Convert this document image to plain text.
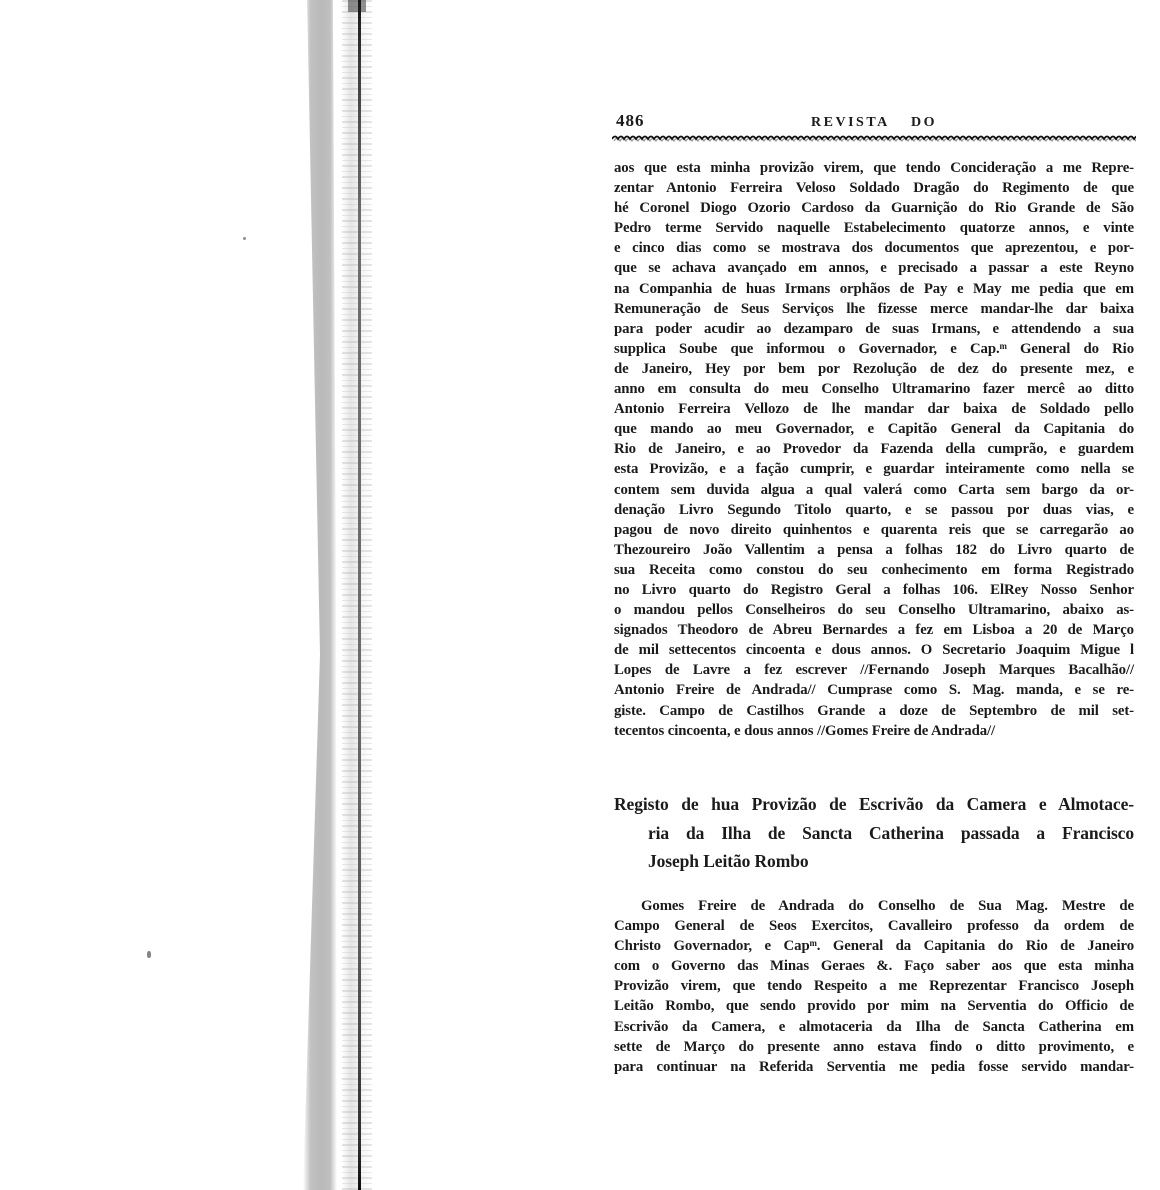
486	REVISTA DO
aos que esta minha provizão virem, que tendo Concideração a me Repre-
zentar Antonio Ferreira Veloso Soldado Dragão do Regimento de que
hé Coronel Diogo Ozorio Cardoso da Guarnição do Rio Grande de São
Pedro terme Servido naquelle Estabelecimento quatorze annos, e vinte
e cinco dias como se mostrava dos documentos que aprezentou, e por-
que se achava avançado em annos, e precisado a passar a este Reyno
na Companhia de huas Irmans orphãos de Pay e May me pedia que em
Remuneração de Seus Serviços lhe fizesse merce mandar-lhe dar baixa
para poder acudir ao dezamparo de suas Irmans, e attendendo a sua
supplica Soube que informou o Governador, e Cap.ᵐ General do Rio
de Janeiro, Hey por bem por Rezolução de dez do presente mez, e
anno em consulta do meu Conselho Ultramarino fazer mercê ao ditto
Antonio Ferreira Vellozo de lhe mandar dar baixa de Soldado pello
que mando ao meu Governador, e Capitão General da Capitania do
Rio de Janeiro, e ao Provedor da Fazenda della cumprão, e guardem
esta Provizão, e a fação cumprir, e guardar inteiramente como nella se
contem sem duvida algua a qual valerá como Carta sem bargo da or-
denação Livro Segundo Titolo quarto, e se passou por duas vias, e
pagou de novo direito quinhentos e quarenta reis que se carregarão ao
Thezoureiro João Vallentim a pensa a folhas 182 do Livro quarto de
sua Receita como constou do seu conhecimento em forma Registrado
no Livro quarto do Registro Geral a folhas 106. ElRey Nosso Senhor
o mandou pellos Conselheiros do seu Conselho Ultramarino, abaixo as-
signados Theodoro de Abreu Bernardes a fez em Lisboa a 20 de Março
de mil settecentos cincoenta e dous annos. O Secretario Joaquim Migue l
Lopes de Lavre a fez escrever //Fernando Joseph Marques Bacalhão//
Antonio Freire de Andrada// Cumprase como S. Mag. manda, e se re-
giste. Campo de Castilhos Grande a doze de Septembro de mil set-
tecentos cincoenta, e dous annos //Gomes Freire de Andrada//
Registo de hua Provizão de Escrivão da Camera e Almotace-
ria da Ilha de Sancta Catherina passada a Francisco
Joseph Leitão Rombo
Gomes Freire de Andrada do Conselho de Sua Mag. Mestre de
Campo General de Seos Exercitos, Cavalleiro professo da ordem de
Christo Governador, e Capᵐ. General da Capitania do Rio de Janeiro
com o Governo das Minas Geraes &. Faço saber aos que esta minha
Provizão virem, que tendo Respeito a me Reprezentar Francisco Joseph
Leitão Rombo, que sendo provido por mim na Serventia do Officio de
Escrivão da Camera, e almotaceria da Ilha de Sancta Catherina em
sette de Março do presente anno estava findo o ditto provimento, e
para continuar na Referida Serventia me pedia fosse servido mandar-
